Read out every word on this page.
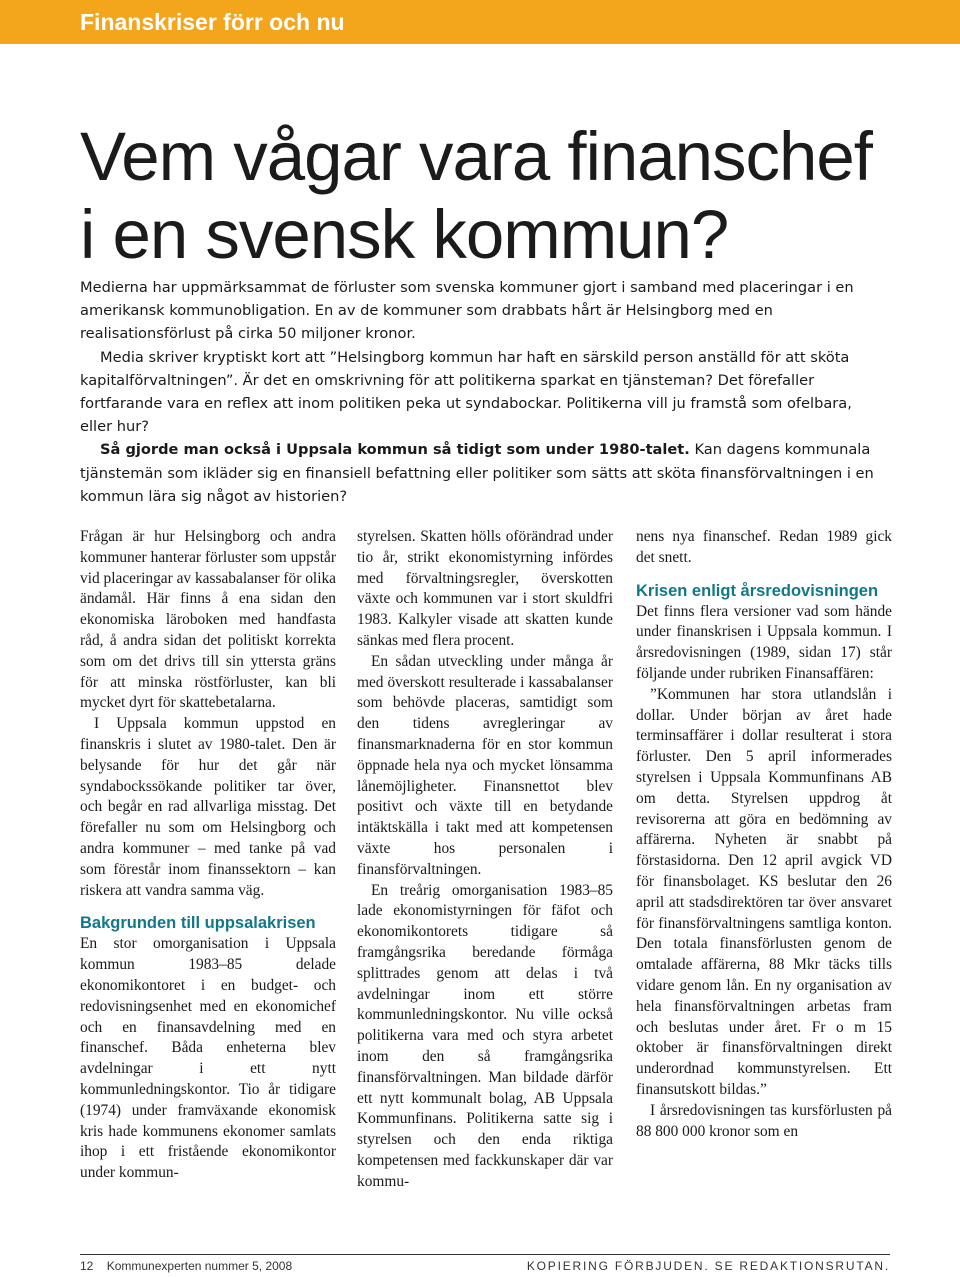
Finanskriser förr och nu
Vem vågar vara finanschef
i en svensk kommun?

Medierna har uppmärksammat de förluster som svenska kommuner gjort i samband med placeringar i en amerikansk kommunobligation. En av de kommuner som drabbats hårt är Helsingborg med en realisationsförlust på cirka 50 miljoner kronor.

Media skriver kryptiskt kort att ”Helsingborg kommun har haft en särskild person anställd för att sköta kapitalförvaltningen”. Är det en omskrivning för att politikerna sparkat en tjänsteman? Det förefaller fortfarande vara en reflex att inom politiken peka ut syndabockar. Politikerna vill ju framstå som ofelbara, eller hur?

Så gjorde man också i Uppsala kommun så tidigt som under 1980-talet. Kan dagens kommunala tjänstemän som ikläder sig en finansiell befattning eller politiker som sätts att sköta finansförvaltningen i en kommun lära sig något av historien?

Frågan är hur Helsingborg och andra kommuner hanterar förluster som uppstår vid placeringar av kassabalanser för olika ändamål. Här finns å ena sidan den ekonomiska läroboken med handfasta råd, å andra sidan det politiskt korrekta som om det drivs till sin yttersta gräns för att minska röstförluster, kan bli mycket dyrt för skattebetalarna.

I Uppsala kommun uppstod en finanskris i slutet av 1980-talet. Den är belysande för hur det går när syndabockssökande politiker tar över, och begår en rad allvarliga misstag. Det förefaller nu som om Helsingborg och andra kommuner – med tanke på vad som förestår inom finanssektorn – kan riskera att vandra samma väg.

Bakgrunden till uppsalakrisen

En stor omorganisation i Uppsala kommun 1983–85 delade ekonomikontoret i en budget- och redovisningsenhet med en ekonomichef och en finansavdelning med en finanschef. Båda enheterna blev avdelningar i ett nytt kommunledningskontor. Tio år tidigare (1974) under framväxande ekonomisk kris hade kommunens ekonomer samlats ihop i ett fristående ekonomikontor under kommun-

styrelsen. Skatten hölls oförändrad under tio år, strikt ekonomistyrning infördes med förvaltningsregler, överskotten växte och kommunen var i stort skuldfri 1983. Kalkyler visade att skatten kunde sänkas med flera procent.

En sådan utveckling under många år med överskott resulterade i kassabalanser som behövde placeras, samtidigt som den tidens avregleringar av finansmarknaderna för en stor kommun öppnade hela nya och mycket lönsamma lånemöjligheter. Finansnettot blev positivt och växte till en betydande intäktskälla i takt med att kompetensen växte hos personalen i finansförvaltningen.

En treårig omorganisation 1983–85 lade ekonomistyrningen för fäfot och ekonomikontorets tidigare så framgångsrika beredande förmåga splittrades genom att delas i två avdelningar inom ett större kommunledningskontor. Nu ville också politikerna vara med och styra arbetet inom den så framgångsrika finansförvaltningen. Man bildade därför ett nytt kommunalt bolag, AB Uppsala Kommunfinans. Politikerna satte sig i styrelsen och den enda riktiga kompetensen med fackkunskaper där var kommu-

nens nya finanschef. Redan 1989 gick det snett.

Krisen enligt årsredovisningen

Det finns flera versioner vad som hände under finanskrisen i Uppsala kommun. I årsredovisningen (1989, sidan 17) står följande under rubriken Finansaffären:

”Kommunen har stora utlandslån i dollar. Under början av året hade terminsaffärer i dollar resulterat i stora förluster. Den 5 april informerades styrelsen i Uppsala Kommunfinans AB om detta. Styrelsen uppdrog åt revisorerna att göra en bedömning av affärerna. Nyheten är snabbt på förstasidorna. Den 12 april avgick VD för finansbolaget. KS beslutar den 26 april att stadsdirektören tar över ansvaret för finansförvaltningens samtliga konton. Den totala finansförlusten genom de omtalade affärerna, 88 Mkr täcks tills vidare genom lån. En ny organisation av hela finansförvaltningen arbetas fram och beslutas under året. Fr o m 15 oktober är finansförvaltningen direkt underordnad kommunstyrelsen. Ett finansutskott bildas.”

I årsredovisningen tas kursförlusten på 88 800 000 kronor som en

12 Kommunexperten nummer 5, 2008	KOPIERING FÖRBJUDEN. SE REDAKTIONSRUTAN.
